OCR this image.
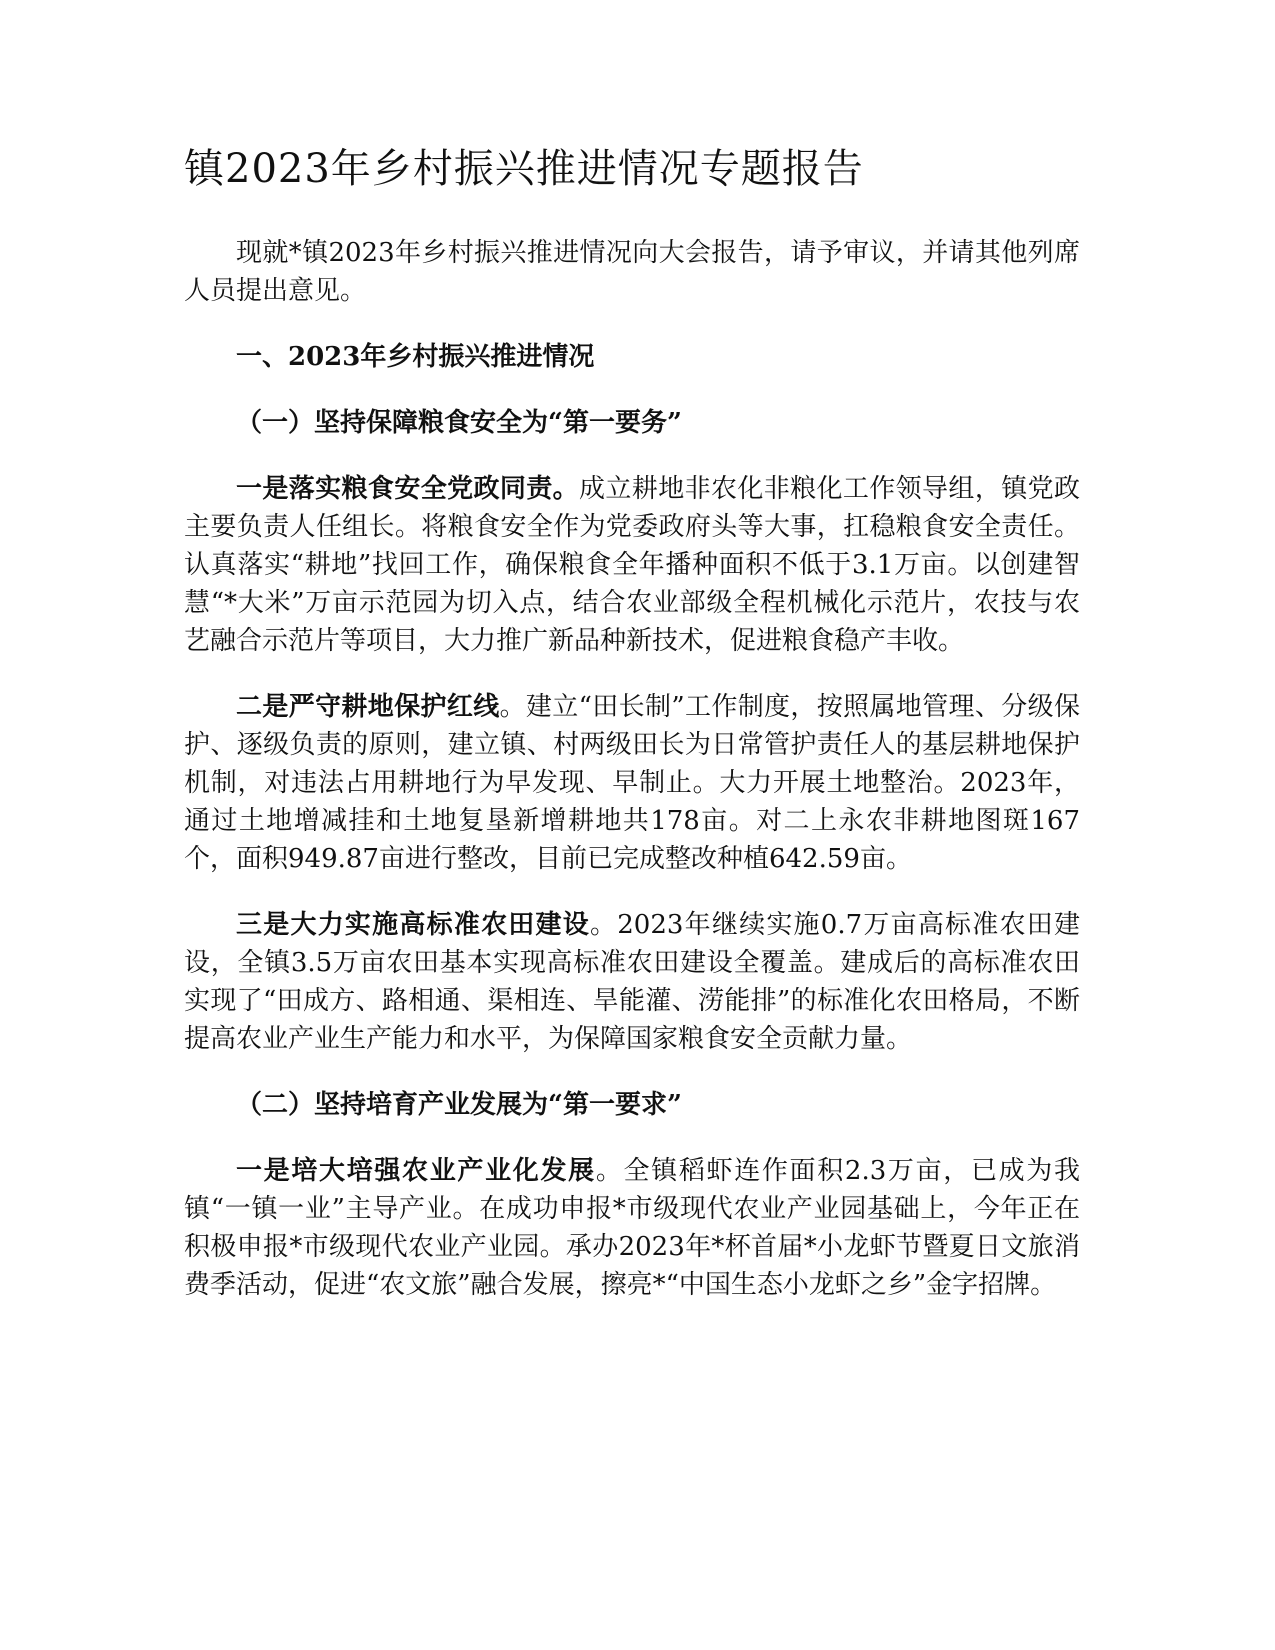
镇2023年乡村振兴推进情况专题报告

现就*镇2023年乡村振兴推进情况向大会报告，请予审议，并请其他列席人员提出意见。

一、2023年乡村振兴推进情况
（一）坚持保障粮食安全为“第一要务”

一是落实粮食安全党政同责。成立耕地非农化非粮化工作领导组，镇党政主要负责人任组长。将粮食安全作为党委政府头等大事，扛稳粮食安全责任。认真落实“耕地”找回工作，确保粮食全年播种面积不低于3.1万亩。以创建智慧“*大米”万亩示范园为切入点，结合农业部级全程机械化示范片，农技与农艺融合示范片等项目，大力推广新品种新技术，促进粮食稳产丰收。

二是严守耕地保护红线。建立“田长制”工作制度，按照属地管理、分级保护、逐级负责的原则，建立镇、村两级田长为日常管护责任人的基层耕地保护机制，对违法占用耕地行为早发现、早制止。大力开展土地整治。2023年，通过土地增减挂和土地复垦新增耕地共178亩。对二上永农非耕地图斑167个，面积949.87亩进行整改，目前已完成整改种植642.59亩。

三是大力实施高标准农田建设。2023年继续实施0.7万亩高标准农田建设，全镇3.5万亩农田基本实现高标准农田建设全覆盖。建成后的高标准农田实现了“田成方、路相通、渠相连、旱能灌、涝能排”的标准化农田格局，不断提高农业产业生产能力和水平，为保障国家粮食安全贡献力量。

（二）坚持培育产业发展为“第一要求”

一是培大培强农业产业化发展。全镇稻虾连作面积2.3万亩，已成为我镇“一镇一业”主导产业。在成功申报*市级现代农业产业园基础上，今年正在积极申报*市级现代农业产业园。承办2023年*杯首届*小龙虾节暨夏日文旅消费季活动，促进“农文旅”融合发展，擦亮*“中国生态小龙虾之乡”金字招牌。
